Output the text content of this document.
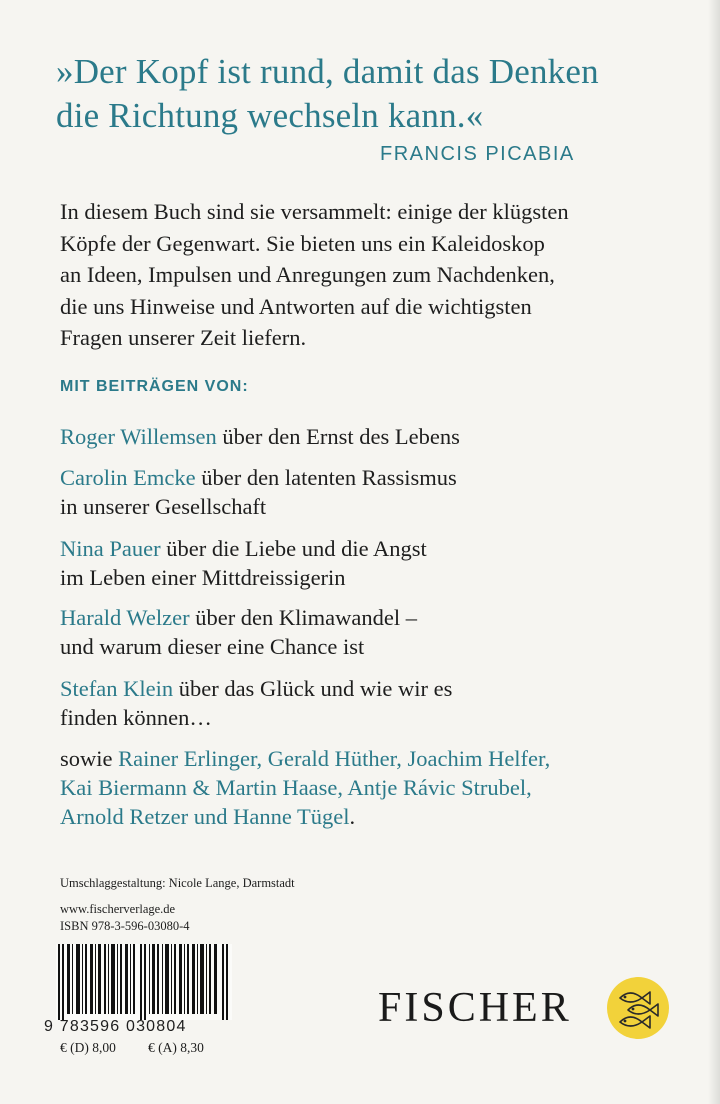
»Der Kopf ist rund, damit das Denken
die Richtung wechseln kann.«
FRANCIS PICABIA
In diesem Buch sind sie versammelt: einige der klügsten
Köpfe der Gegenwart. Sie bieten uns ein Kaleidoskop
an Ideen, Impulsen und Anregungen zum Nachdenken,
die uns Hinweise und Antworten auf die wichtigsten
Fragen unserer Zeit liefern.
MIT BEITRÄGEN VON:
Roger Willemsen über den Ernst des Lebens
Carolin Emcke über den latenten Rassismus
in unserer Gesellschaft
Nina Pauer über die Liebe und die Angst
im Leben einer Mittdreissigerin
Harald Welzer über den Klimawandel –
und warum dieser eine Chance ist
Stefan Klein über das Glück und wie wir es
finden können…
sowie Rainer Erlinger, Gerald Hüther, Joachim Helfer,
Kai Biermann & Martin Haase, Antje Rávic Strubel,
Arnold Retzer und Hanne Tügel.
Umschlaggestaltung: Nicole Lange, Darmstadt
www.fischerverlage.de
ISBN 978-3-596-03080-4
9 783596 030804
€ (D) 8,00 € (A) 8,30
FISCHER
